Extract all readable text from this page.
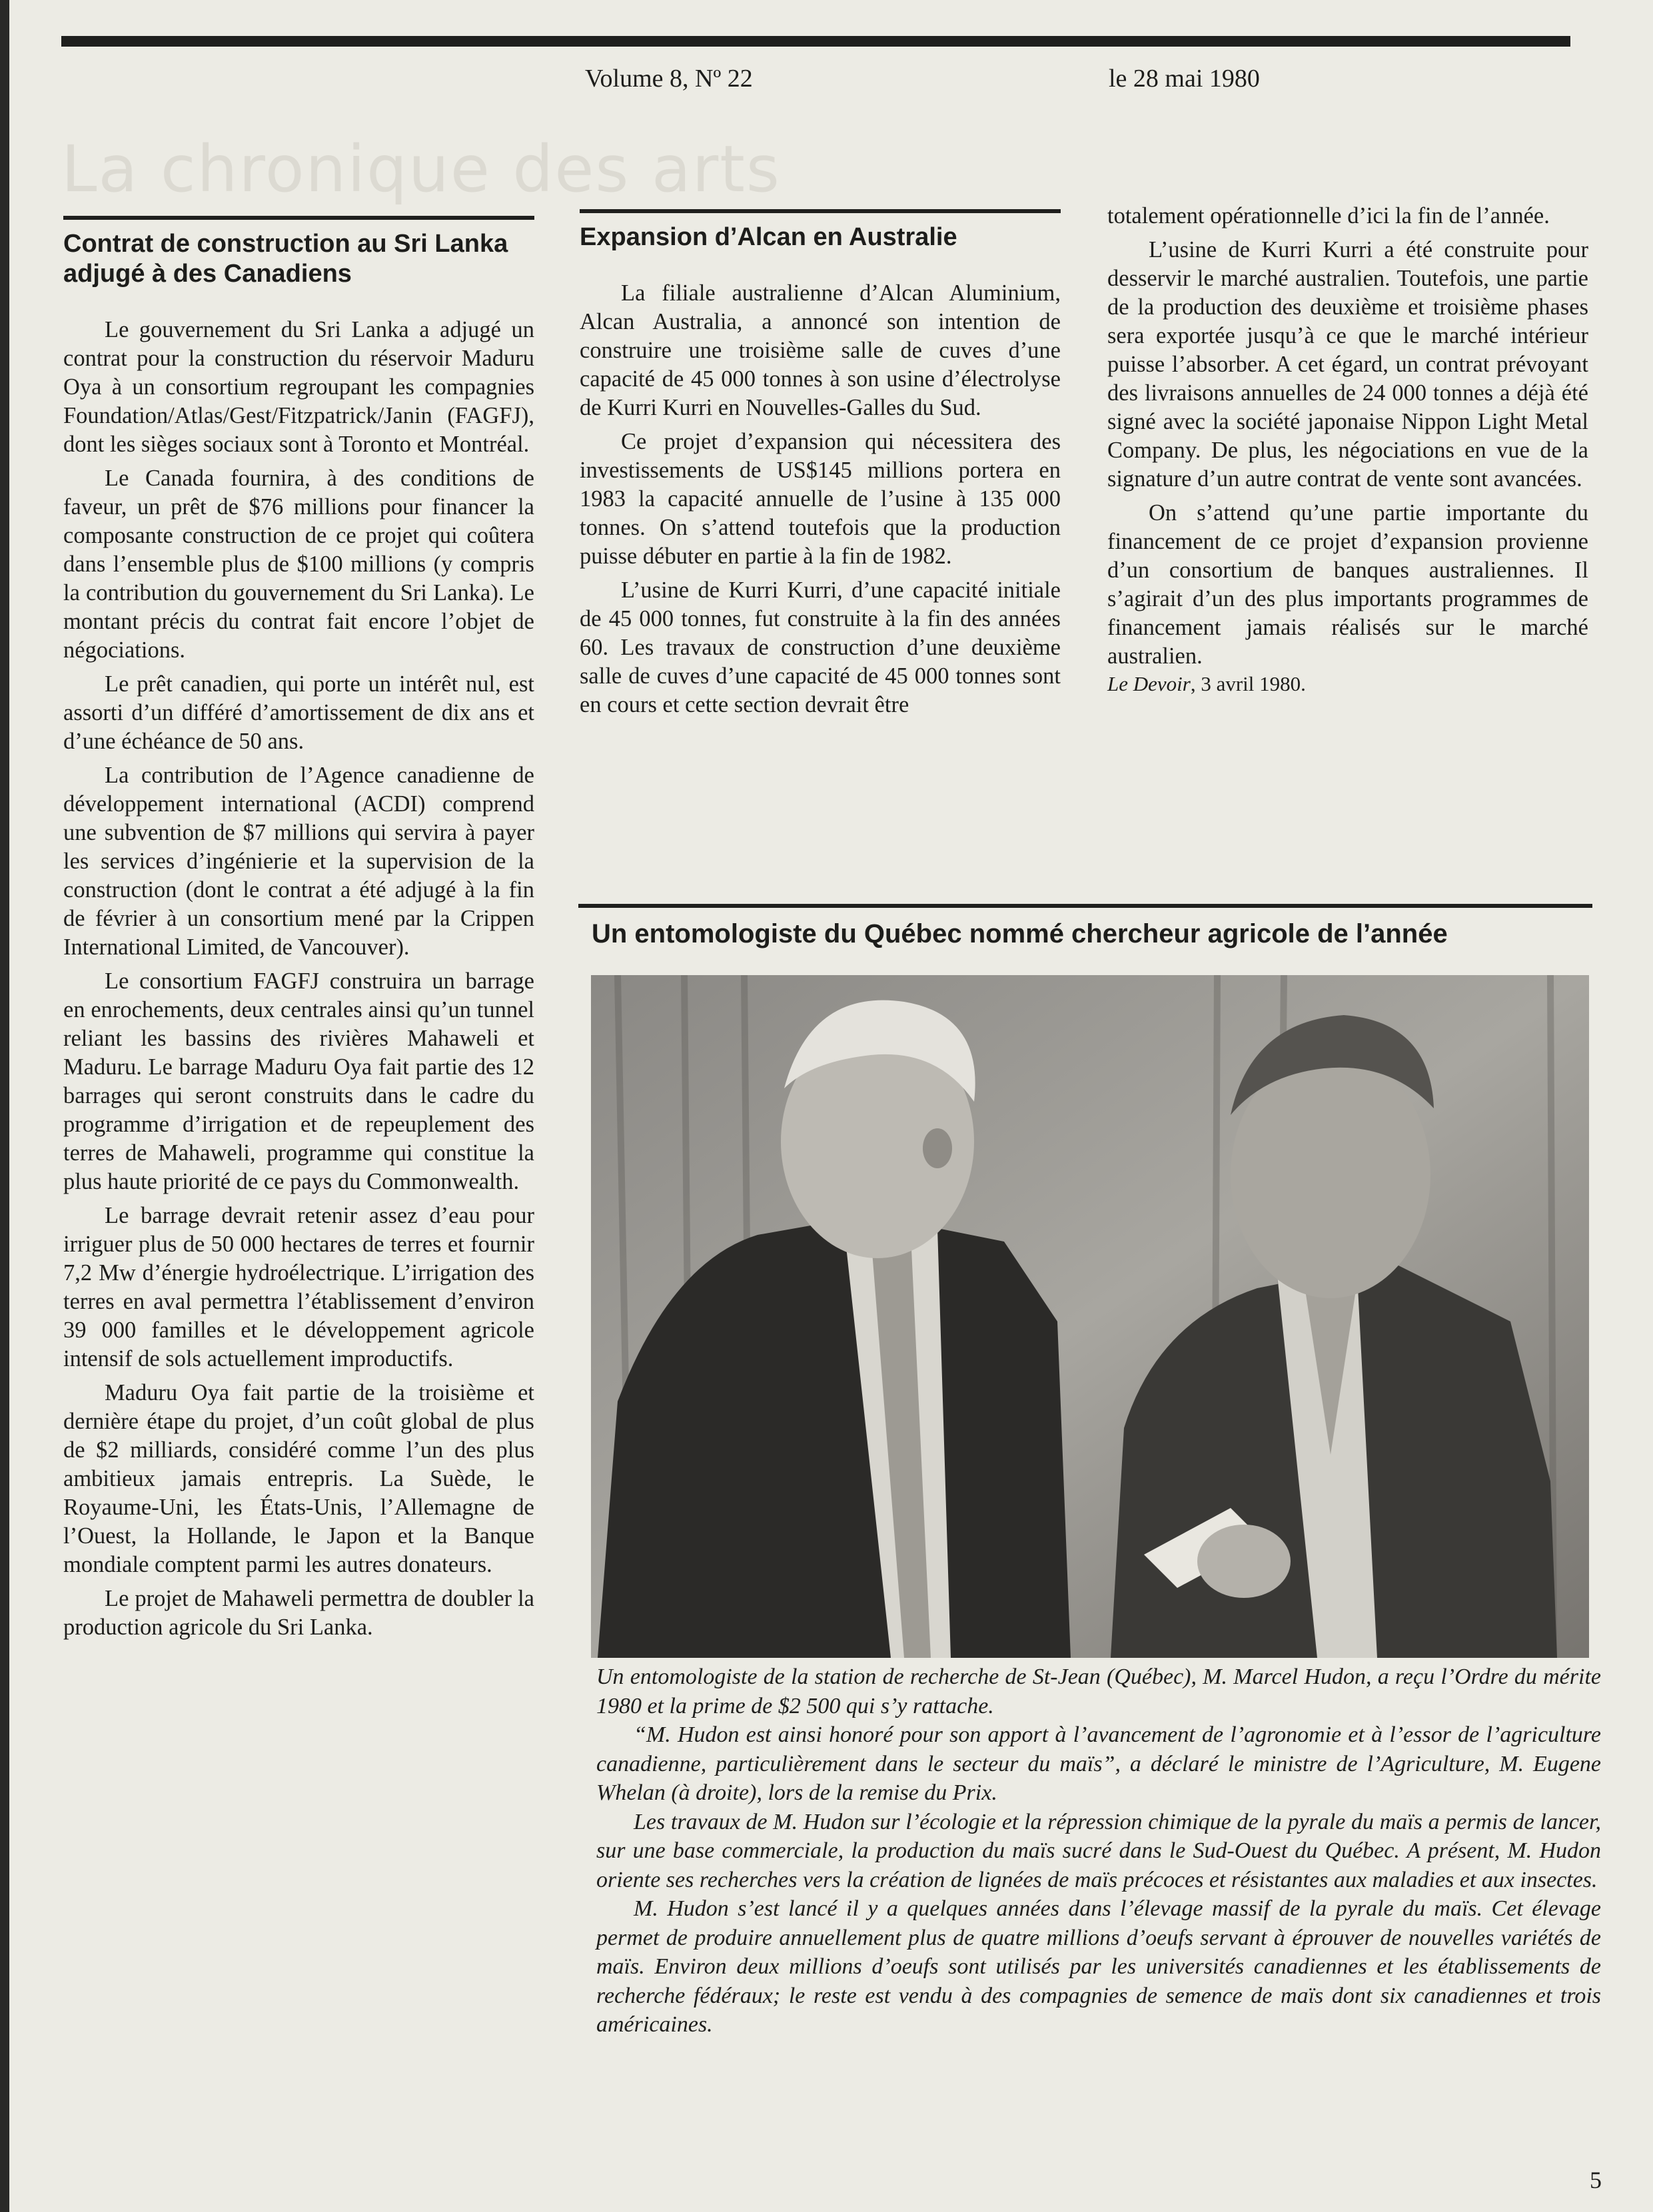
Volume 8, Nº 22	le 28 mai 1980
La chronique des arts
Contrat de construction au Sri Lanka adjugé à des Canadiens

Le gouvernement du Sri Lanka a adjugé un contrat pour la construction du réservoir Maduru Oya à un consortium regroupant les compagnies Foundation/Atlas/Gest/Fitzpatrick/Janin (FAGFJ), dont les sièges sociaux sont à Toronto et Montréal.

Le Canada fournira, à des conditions de faveur, un prêt de $76 millions pour financer la composante construction de ce projet qui coûtera dans l’ensemble plus de $100 millions (y compris la contribution du gouvernement du Sri Lanka). Le montant précis du contrat fait encore l’objet de négociations.

Le prêt canadien, qui porte un intérêt nul, est assorti d’un différé d’amortissement de dix ans et d’une échéance de 50 ans.

La contribution de l’Agence canadienne de développement international (ACDI) comprend une subvention de $7 millions qui servira à payer les services d’ingénierie et la supervision de la construction (dont le contrat a été adjugé à la fin de février à un consortium mené par la Crippen International Limited, de Vancouver).

Le consortium FAGFJ construira un barrage en enrochements, deux centrales ainsi qu’un tunnel reliant les bassins des rivières Mahaweli et Maduru. Le barrage Maduru Oya fait partie des 12 barrages qui seront construits dans le cadre du programme d’irrigation et de repeuplement des terres de Mahaweli, programme qui constitue la plus haute priorité de ce pays du Commonwealth.

Le barrage devrait retenir assez d’eau pour irriguer plus de 50 000 hectares de terres et fournir 7,2 Mw d’énergie hydroélectrique. L’irrigation des terres en aval permettra l’établissement d’environ 39 000 familles et le développement agricole intensif de sols actuellement improductifs.

Maduru Oya fait partie de la troisième et dernière étape du projet, d’un coût global de plus de $2 milliards, considéré comme l’un des plus ambitieux jamais entrepris. La Suède, le Royaume-Uni, les États-Unis, l’Allemagne de l’Ouest, la Hollande, le Japon et la Banque mondiale comptent parmi les autres donateurs.

Le projet de Mahaweli permettra de doubler la production agricole du Sri Lanka.

Expansion d’Alcan en Australie

La filiale australienne d’Alcan Aluminium, Alcan Australia, a annoncé son intention de construire une troisième salle de cuves d’une capacité de 45 000 tonnes à son usine d’électrolyse de Kurri Kurri en Nouvelles-Galles du Sud.

Ce projet d’expansion qui nécessitera des investissements de US$145 millions portera en 1983 la capacité annuelle de l’usine à 135 000 tonnes. On s’attend toutefois que la production puisse débuter en partie à la fin de 1982.

L’usine de Kurri Kurri, d’une capacité initiale de 45 000 tonnes, fut construite à la fin des années 60. Les travaux de construction d’une deuxième salle de cuves d’une capacité de 45 000 tonnes sont en cours et cette section devrait être

totalement opérationnelle d’ici la fin de l’année.

L’usine de Kurri Kurri a été construite pour desservir le marché australien. Toutefois, une partie de la production des deuxième et troisième phases sera exportée jusqu’à ce que le marché intérieur puisse l’absorber. A cet égard, un contrat prévoyant des livraisons annuelles de 24 000 tonnes a déjà été signé avec la société japonaise Nippon Light Metal Company. De plus, les négociations en vue de la signature d’un autre contrat de vente sont avancées.

On s’attend qu’une partie importante du financement de ce projet d’expansion provienne d’un consortium de banques australiennes. Il s’agirait d’un des plus importants programmes de financement jamais réalisés sur le marché australien.

Le Devoir, 3 avril 1980.
Un entomologiste du Québec nommé chercheur agricole de l’année

Un entomologiste de la station de recherche de St-Jean (Québec), M. Marcel Hudon, a reçu l’Ordre du mérite 1980 et la prime de $2 500 qui s’y rattache.

“M. Hudon est ainsi honoré pour son apport à l’avancement de l’agronomie et à l’essor de l’agriculture canadienne, particulièrement dans le secteur du maïs”, a déclaré le ministre de l’Agriculture, M. Eugene Whelan (à droite), lors de la remise du Prix.

Les travaux de M. Hudon sur l’écologie et la répression chimique de la pyrale du maïs a permis de lancer, sur une base commerciale, la production du maïs sucré dans le Sud-Ouest du Québec. A présent, M. Hudon oriente ses recherches vers la création de lignées de maïs précoces et résistantes aux maladies et aux insectes.

M. Hudon s’est lancé il y a quelques années dans l’élevage massif de la pyrale du maïs. Cet élevage permet de produire annuellement plus de quatre millions d’oeufs servant à éprouver de nouvelles variétés de maïs. Environ deux millions d’oeufs sont utilisés par les universités canadiennes et les établissements de recherche fédéraux; le reste est vendu à des compagnies de semence de maïs dont six canadiennes et trois américaines.

5
